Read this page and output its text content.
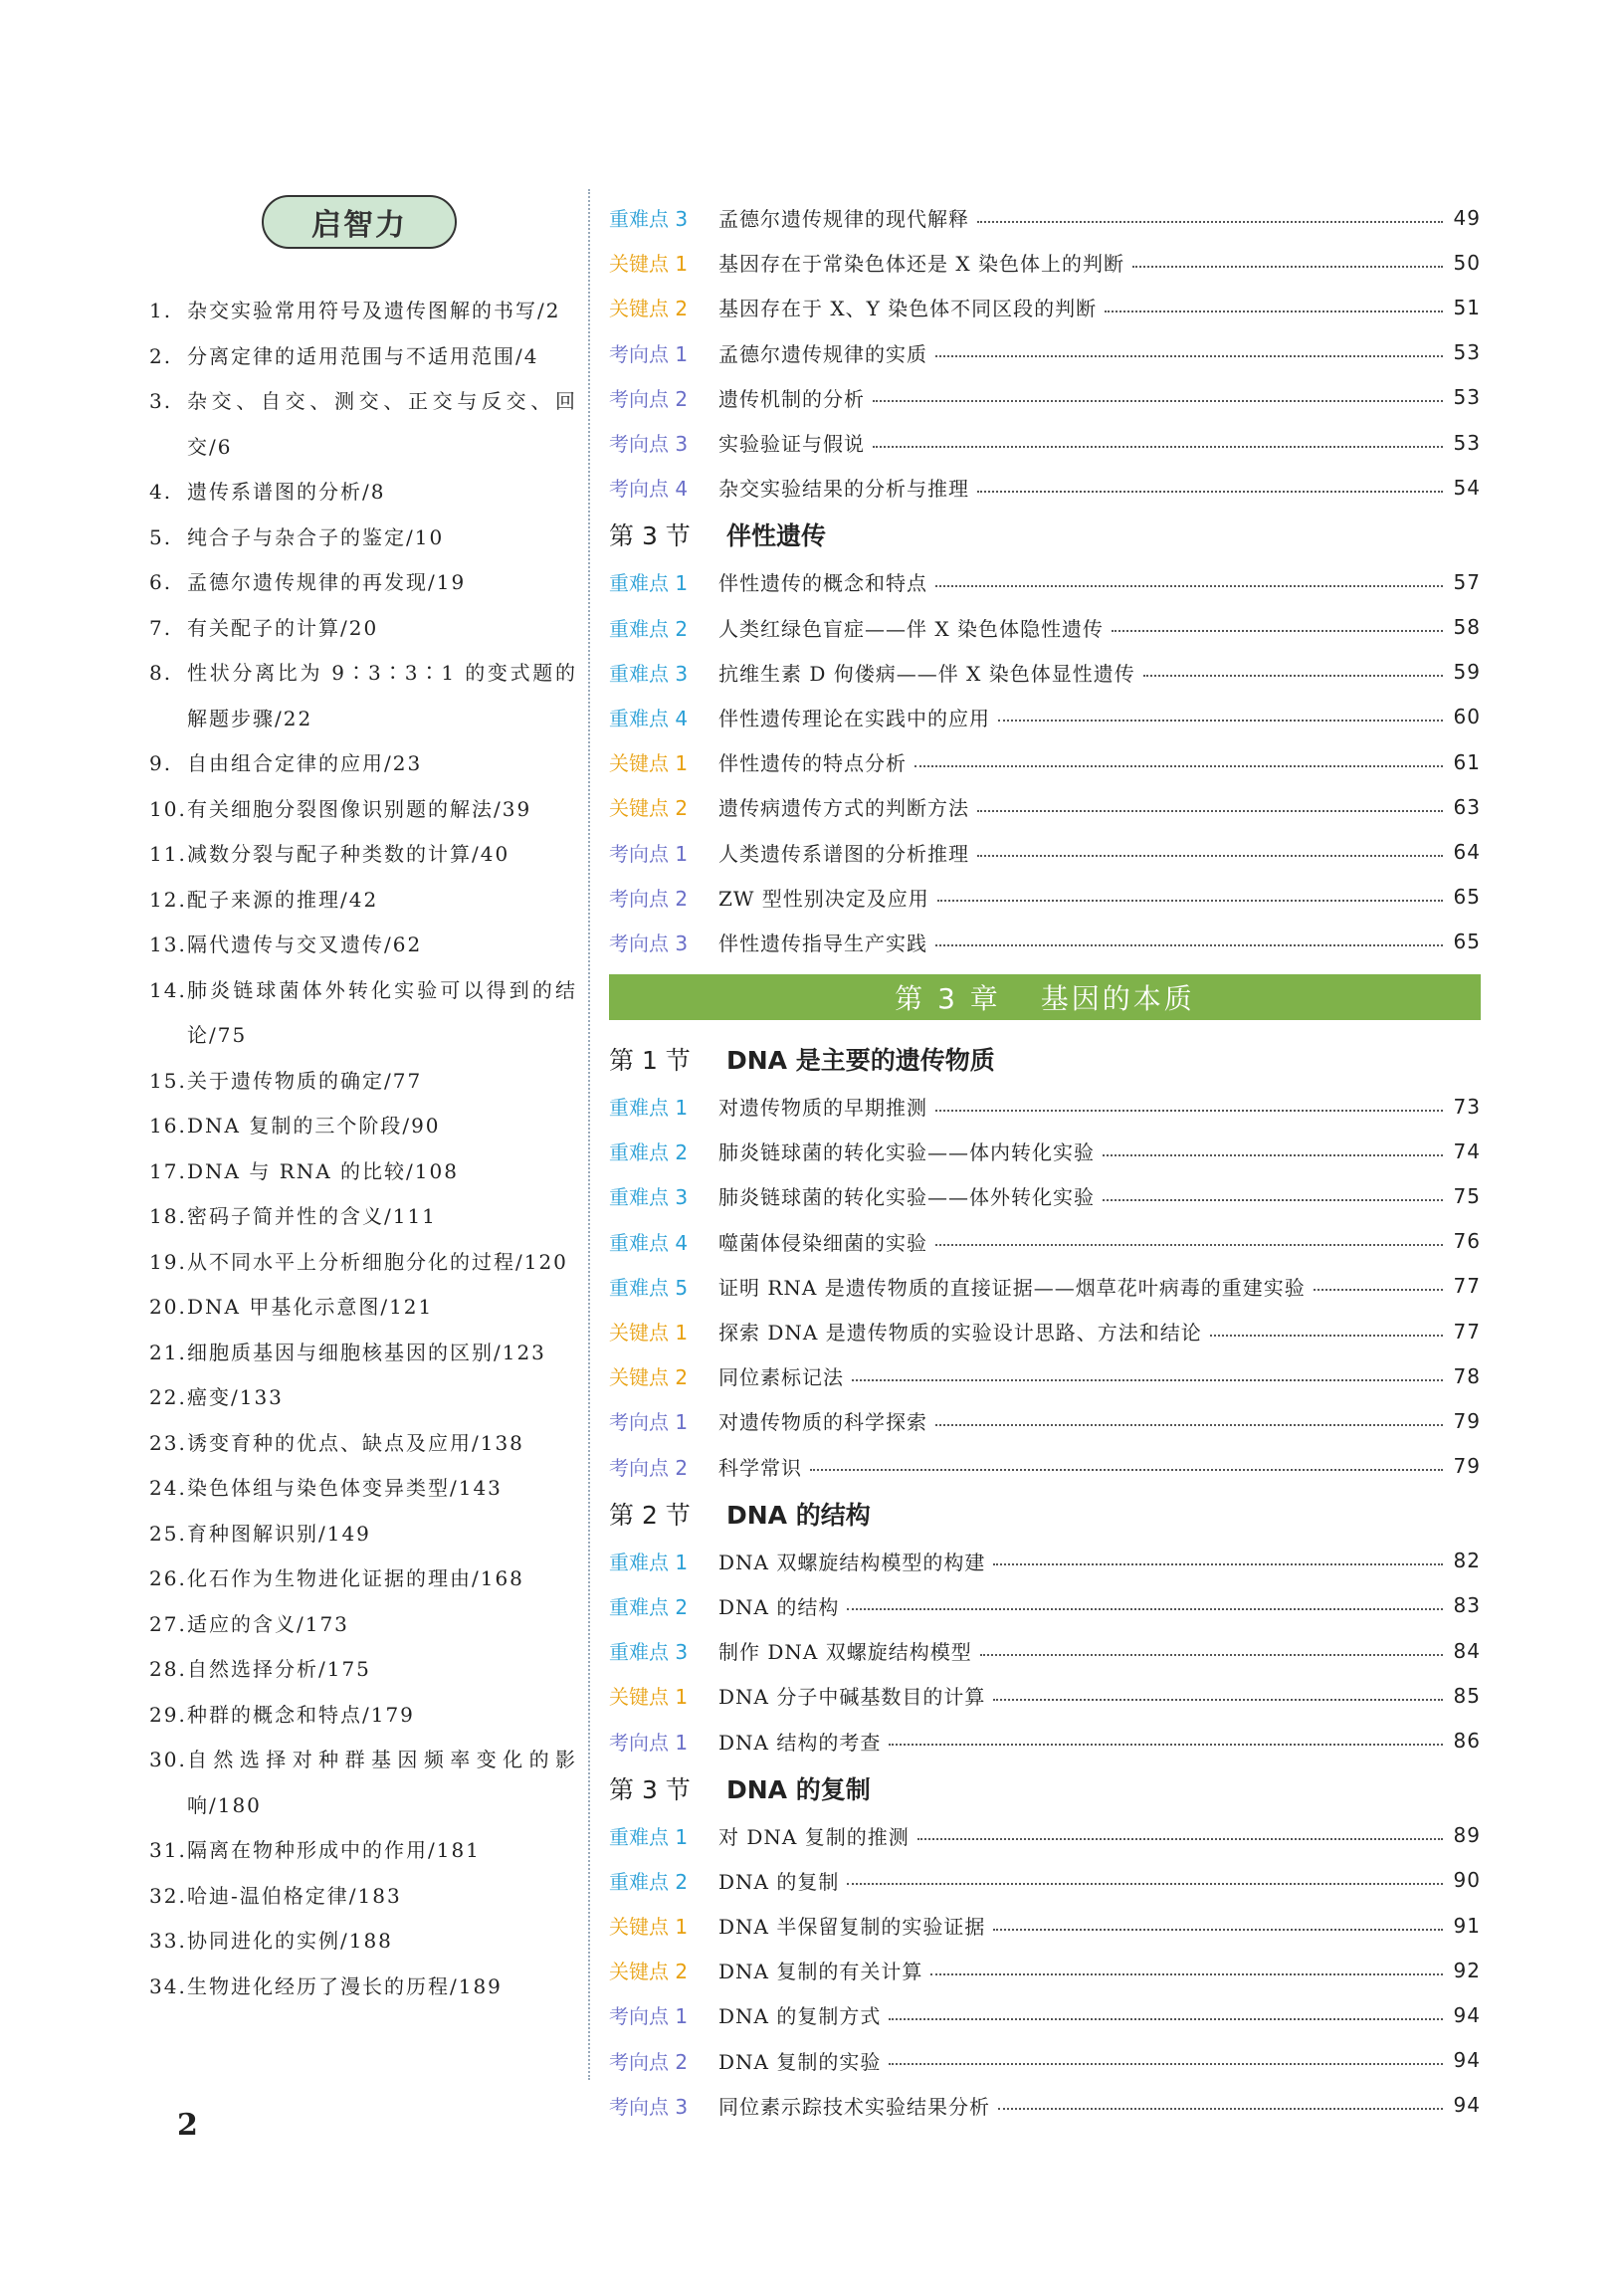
启智力
1. 杂交实验常用符号及遗传图解的书写/2
2. 分离定律的适用范围与不适用范围/4
3. 杂交、自交、测交、正交与反交、回交/6
4. 遗传系谱图的分析/8
5. 纯合子与杂合子的鉴定/10
6. 孟德尔遗传规律的再发现/19
7. 有关配子的计算/20
8. 性状分离比为 9∶3∶3∶1 的变式题的解题步骤/22
9. 自由组合定律的应用/23
10. 有关细胞分裂图像识别题的解法/39
11. 减数分裂与配子种类数的计算/40
12. 配子来源的推理/42
13. 隔代遗传与交叉遗传/62
14. 肺炎链球菌体外转化实验可以得到的结论/75
15. 关于遗传物质的确定/77
16. DNA 复制的三个阶段/90
17. DNA 与 RNA 的比较/108
18. 密码子简并性的含义/111
19. 从不同水平上分析细胞分化的过程/120
20. DNA 甲基化示意图/121
21. 细胞质基因与细胞核基因的区别/123
22. 癌变/133
23. 诱变育种的优点、缺点及应用/138
24. 染色体组与染色体变异类型/143
25. 育种图解识别/149
26. 化石作为生物进化证据的理由/168
27. 适应的含义/173
28. 自然选择分析/175
29. 种群的概念和特点/179
30. 自然选择对种群基因频率变化的影响/180
31. 隔离在物种形成中的作用/181
32. 哈迪-温伯格定律/183
33. 协同进化的实例/188
34. 生物进化经历了漫长的历程/189
重难点 3	孟德尔遗传规律的现代解释	49
关键点 1	基因存在于常染色体还是 X 染色体上的判断	50
关键点 2	基因存在于 X、Y 染色体不同区段的判断	51
考向点 1	孟德尔遗传规律的实质	53
考向点 2	遗传机制的分析	53
考向点 3	实验验证与假说	53
考向点 4	杂交实验结果的分析与推理	54
第 3 节	伴性遗传
重难点 1	伴性遗传的概念和特点	57
重难点 2	人类红绿色盲症——伴 X 染色体隐性遗传	58
重难点 3	抗维生素 D 佝偻病——伴 X 染色体显性遗传	59
重难点 4	伴性遗传理论在实践中的应用	60
关键点 1	伴性遗传的特点分析	61
关键点 2	遗传病遗传方式的判断方法	63
考向点 1	人类遗传系谱图的分析推理	64
考向点 2	ZW 型性别决定及应用	65
考向点 3	伴性遗传指导生产实践	65
第 3 章 基因的本质
第 1 节	DNA 是主要的遗传物质
重难点 1	对遗传物质的早期推测	73
重难点 2	肺炎链球菌的转化实验——体内转化实验	74
重难点 3	肺炎链球菌的转化实验——体外转化实验	75
重难点 4	噬菌体侵染细菌的实验	76
重难点 5	证明 RNA 是遗传物质的直接证据——烟草花叶病毒的重建实验	77
关键点 1	探索 DNA 是遗传物质的实验设计思路、方法和结论	77
关键点 2	同位素标记法	78
考向点 1	对遗传物质的科学探索	79
考向点 2	科学常识	79
第 2 节	DNA 的结构
重难点 1	DNA 双螺旋结构模型的构建	82
重难点 2	DNA 的结构	83
重难点 3	制作 DNA 双螺旋结构模型	84
关键点 1	DNA 分子中碱基数目的计算	85
考向点 1	DNA 结构的考查	86
第 3 节	DNA 的复制
重难点 1	对 DNA 复制的推测	89
重难点 2	DNA 的复制	90
关键点 1	DNA 半保留复制的实验证据	91
关键点 2	DNA 复制的有关计算	92
考向点 1	DNA 的复制方式	94
考向点 2	DNA 复制的实验	94
考向点 3	同位素示踪技术实验结果分析	94
2
